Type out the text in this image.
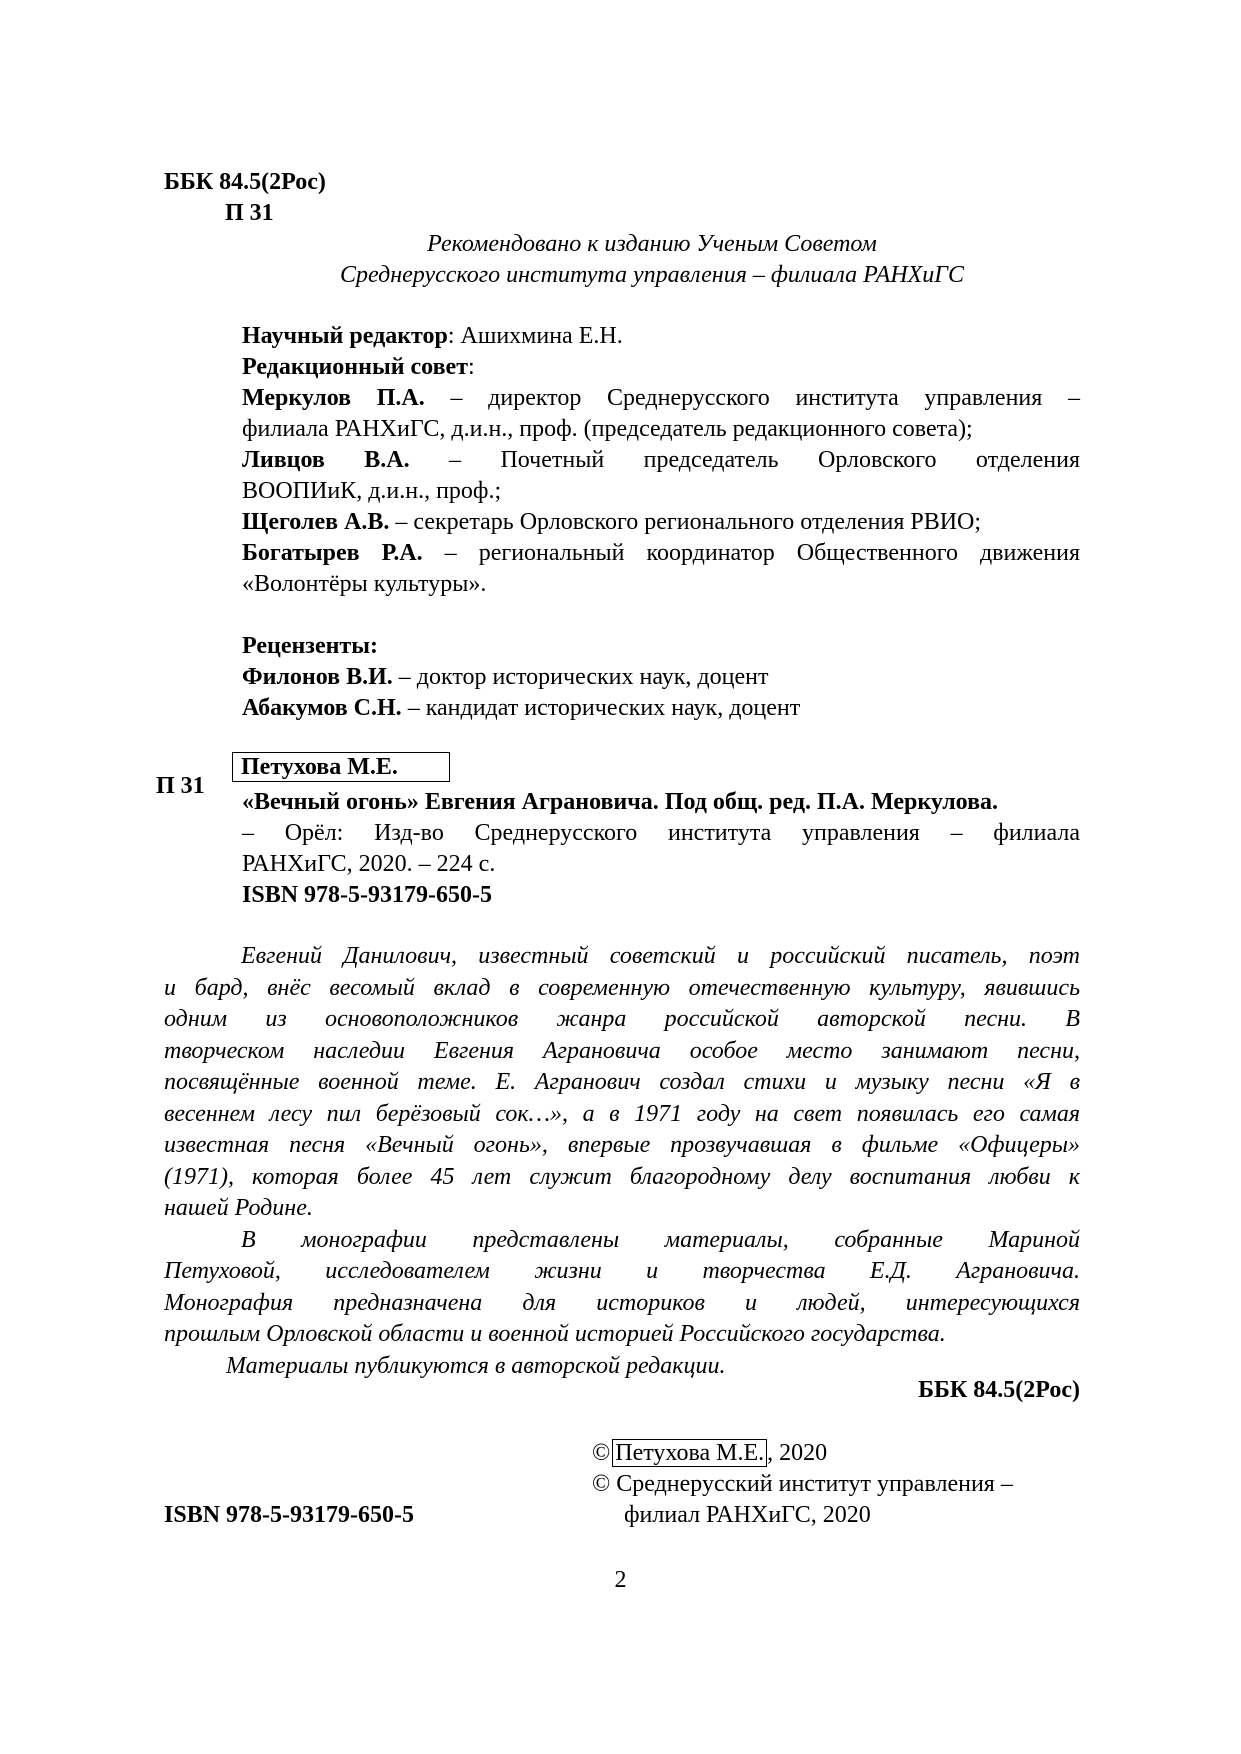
ББК 84.5(2Рос)
П 31
Рекомендовано к изданию Ученым Советом
Среднерусского института управления – филиала РАНХиГС
Научный редактор: Ашихмина Е.Н.
Редакционный совет:
Меркулов П.А. – директор Среднерусского института управления –
филиала РАНХиГС, д.и.н., проф. (председатель редакционного совета);
Ливцов В.А. – Почетный председатель Орловского отделения
ВООПИиК, д.и.н., проф.;
Щеголев А.В. – секретарь Орловского регионального отделения РВИО;
Богатырев Р.А. – региональный координатор Общественного движения
«Волонтёры культуры».
Рецензенты:
Филонов В.И. – доктор исторических наук, доцент
Абакумов С.Н. – кандидат исторических наук, доцент
П 31
Петухова М.Е.
«Вечный огонь» Евгения Аграновича. Под общ. ред. П.А. Меркулова.
– Орёл: Изд-во Среднерусского института управления – филиала
РАНХиГС, 2020. – 224 с.
ISBN 978-5-93179-650-5
Евгений Данилович, известный советский и российский писатель, поэт
и бард, внёс весомый вклад в современную отечественную культуру, явившись
одним из основоположников жанра российской авторской песни. В
творческом наследии Евгения Аграновича особое место занимают песни,
посвящённые военной теме. Е. Агранович создал стихи и музыку песни «Я в
весеннем лесу пил берёзовый сок…», а в 1971 году на свет появилась его самая
известная песня «Вечный огонь», впервые прозвучавшая в фильме «Офицеры»
(1971), которая более 45 лет служит благородному делу воспитания любви к
нашей Родине.
В монографии представлены материалы, собранные Мариной
Петуховой, исследователем жизни и творчества Е.Д. Аграновича.
Монография предназначена для историков и людей, интересующихся
прошлым Орловской области и военной историей Российского государства.
Материалы публикуются в авторской редакции.
ББК 84.5(2Рос)
© Петухова М.Е. , 2020
© Среднерусский институт управления –
филиал РАНХиГС, 2020
ISBN 978-5-93179-650-5
2
